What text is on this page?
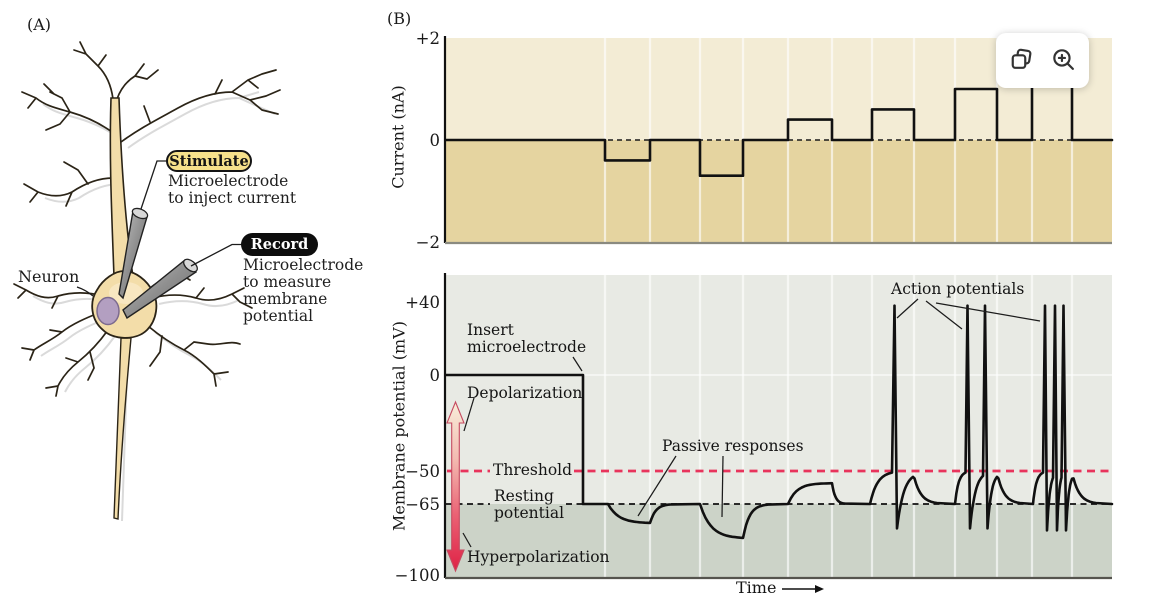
(A)	(B)
Stimulate
Microelectrode
to inject current
Record
Microelectrode
to measure
membrane
potential
Neuron
+2
0
−2
+40
0
−50
−65
−100
Current (nA)
Membrane potential (mV)	Insert
microelectrode
Depolarization
Threshold
Resting
potential
Hyperpolarization
Passive responses
Action potentials
Time
